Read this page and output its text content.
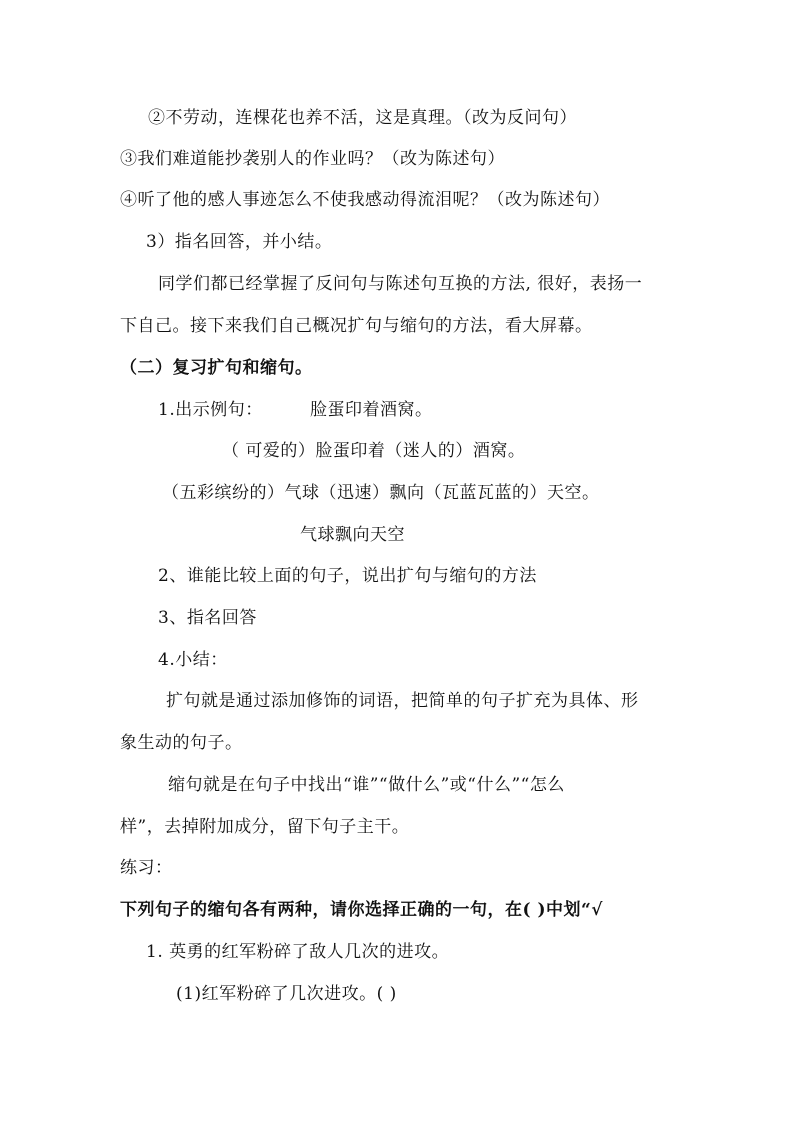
②不劳动，连棵花也养不活，这是真理。（改为反问句）
③我们难道能抄袭别人的作业吗？（改为陈述句）
④听了他的感人事迹怎么不使我感动得流泪呢？（改为陈述句）
3）指名回答，并小结。
同学们都已经掌握了反问句与陈述句互换的方法, 很好，表扬一
下自己。接下来我们自己概况扩句与缩句的方法，看大屏幕。
（二）复习扩句和缩句。
1.出示例句：	脸蛋印着酒窝。
（ 可爱的）脸蛋印着（迷人的）酒窝。
（五彩缤纷的）气球（迅速）飘向（瓦蓝瓦蓝的）天空。
气球飘向天空
2、谁能比较上面的句子，说出扩句与缩句的方法
3、指名回答
4.小结：
扩句就是通过添加修饰的词语，把简单的句子扩充为具体、形
象生动的句子。
缩句就是在句子中找出“谁”“做什么”或“什么”“怎么
样”，去掉附加成分，留下句子主干。
练习：
下列句子的缩句各有两种，请你选择正确的一句，在( )中划“√
1. 英勇的红军粉碎了敌人几次的进攻。
(1)红军粉碎了几次进攻。( )
